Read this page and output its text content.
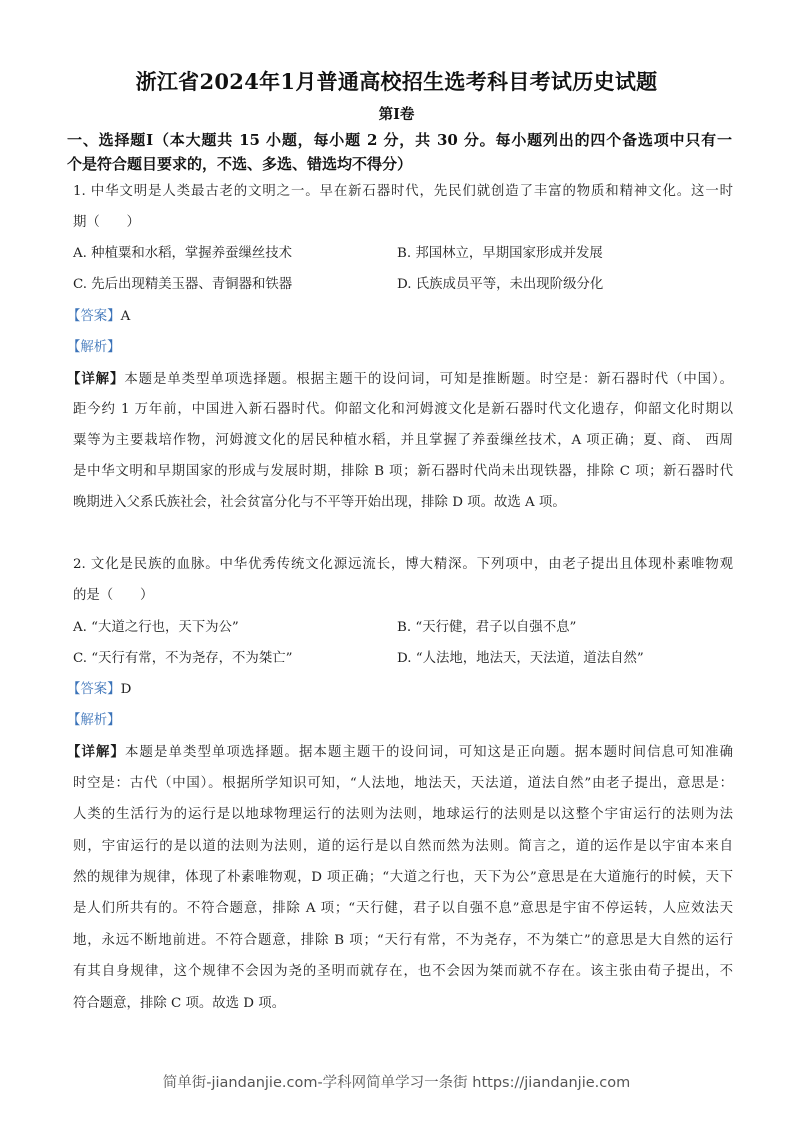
浙江省2024年1月普通高校招生选考科目考试历史试题
第Ⅰ卷
一、选择题Ⅰ（本大题共 15 小题，每小题 2 分，共 30 分。每小题列出的四个备选项中只有一
个是符合题目要求的，不选、多选、错选均不得分）
1. 中华文明是人类最古老的文明之一。早在新石器时代，先民们就创造了丰富的物质和精神文化。这一时
期（　　）
A. 种植粟和水稻，掌握养蚕缫丝技术	B. 邦国林立，早期国家形成并发展
C. 先后出现精美玉器、青铜器和铁器	D. 氏族成员平等，未出现阶级分化
【答案】A
【解析】
【详解】本题是单类型单项选择题。根据主题干的设问词，可知是推断题。时空是：新石器时代（中国）。
距今约 1 万年前，中国进入新石器时代。仰韶文化和河姆渡文化是新石器时代文化遗存，仰韶文化时期以
粟等为主要栽培作物，河姆渡文化的居民种植水稻，并且掌握了养蚕缫丝技术，A 项正确；夏、商、 西周
是中华文明和早期国家的形成与发展时期，排除 B 项；新石器时代尚未出现铁器，排除 C 项；新石器时代
晚期进入父系氏族社会，社会贫富分化与不平等开始出现，排除 D 项。故选 A 项。
2. 文化是民族的血脉。中华优秀传统文化源远流长，博大精深。下列项中，由老子提出且体现朴素唯物观
的是（　　）
A. “大道之行也，天下为公”	B. “天行健，君子以自强不息”
C. “天行有常，不为尧存，不为桀亡”	D. “人法地，地法天，天法道，道法自然”
【答案】D
【解析】
【详解】本题是单类型单项选择题。据本题主题干的设问词，可知这是正向题。据本题时间信息可知准确
时空是：古代（中国）。根据所学知识可知，“人法地，地法天，天法道，道法自然”由老子提出，意思是：
人类的生活行为的运行是以地球物理运行的法则为法则，地球运行的法则是以这整个宇宙运行的法则为法
则，宇宙运行的是以道的法则为法则，道的运行是以自然而然为法则。简言之，道的运作是以宇宙本来自
然的规律为规律，体现了朴素唯物观，D 项正确；“大道之行也，天下为公”意思是在大道施行的时候，天下
是人们所共有的。不符合题意，排除 A 项；“天行健，君子以自强不息”意思是宇宙不停运转，人应效法天
地，永远不断地前进。不符合题意，排除 B 项；“天行有常，不为尧存，不为桀亡”的意思是大自然的运行
有其自身规律，这个规律不会因为尧的圣明而就存在，也不会因为桀而就不存在。该主张由荀子提出，不
符合题意，排除 C 项。故选 D 项。
简单街-jiandanjie.com-学科网简单学习一条街 https://jiandanjie.com
